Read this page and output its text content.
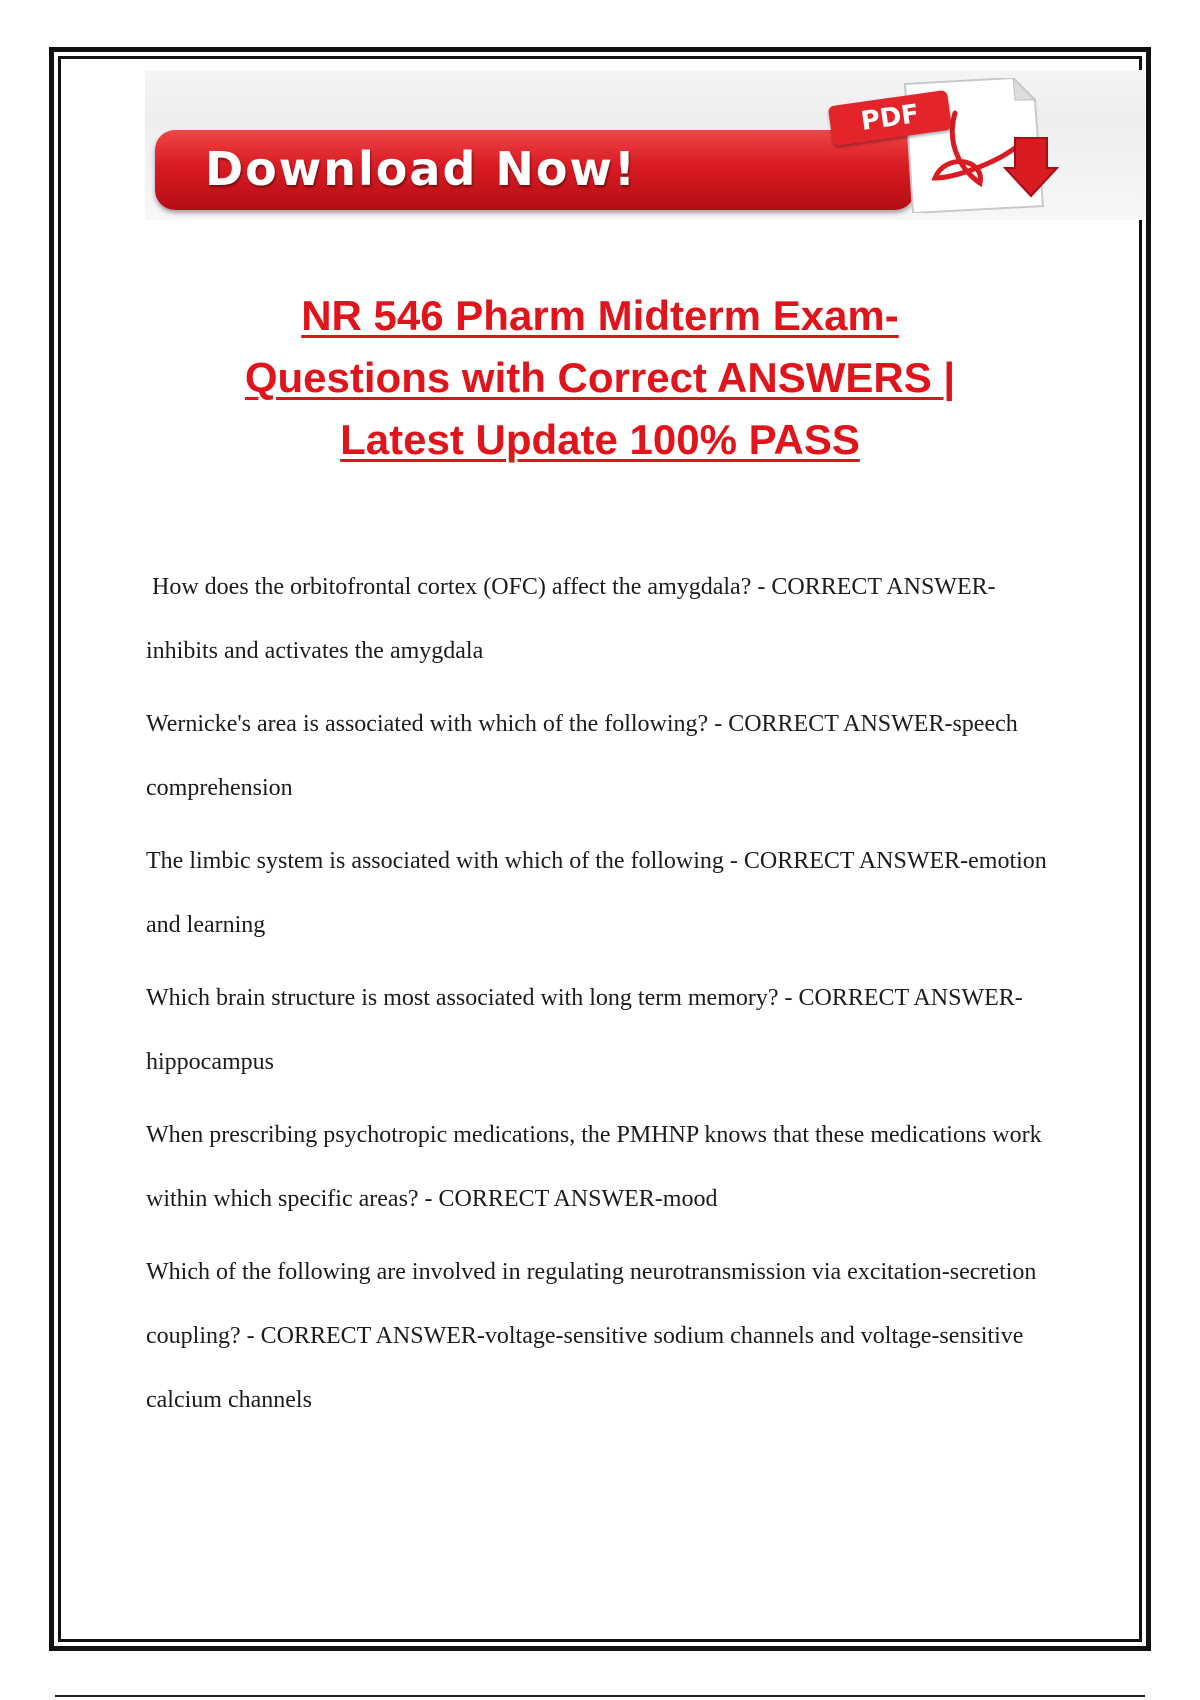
Download Now!
PDF
NR 546 Pharm Midterm Exam-
Questions with Correct ANSWERS |
Latest Update 100% PASS

How does the orbitofrontal cortex (OFC) affect the amygdala? - CORRECT ANSWER-inhibits and activates the amygdala

Wernicke's area is associated with which of the following? - CORRECT ANSWER-speech comprehension

The limbic system is associated with which of the following - CORRECT ANSWER-emotion and learning

Which brain structure is most associated with long term memory? - CORRECT ANSWER-hippocampus

When prescribing psychotropic medications, the PMHNP knows that these medications work within which specific areas? - CORRECT ANSWER-mood

Which of the following are involved in regulating neurotransmission via excitation-secretion coupling? - CORRECT ANSWER-voltage-sensitive sodium channels and voltage-sensitive calcium channels
